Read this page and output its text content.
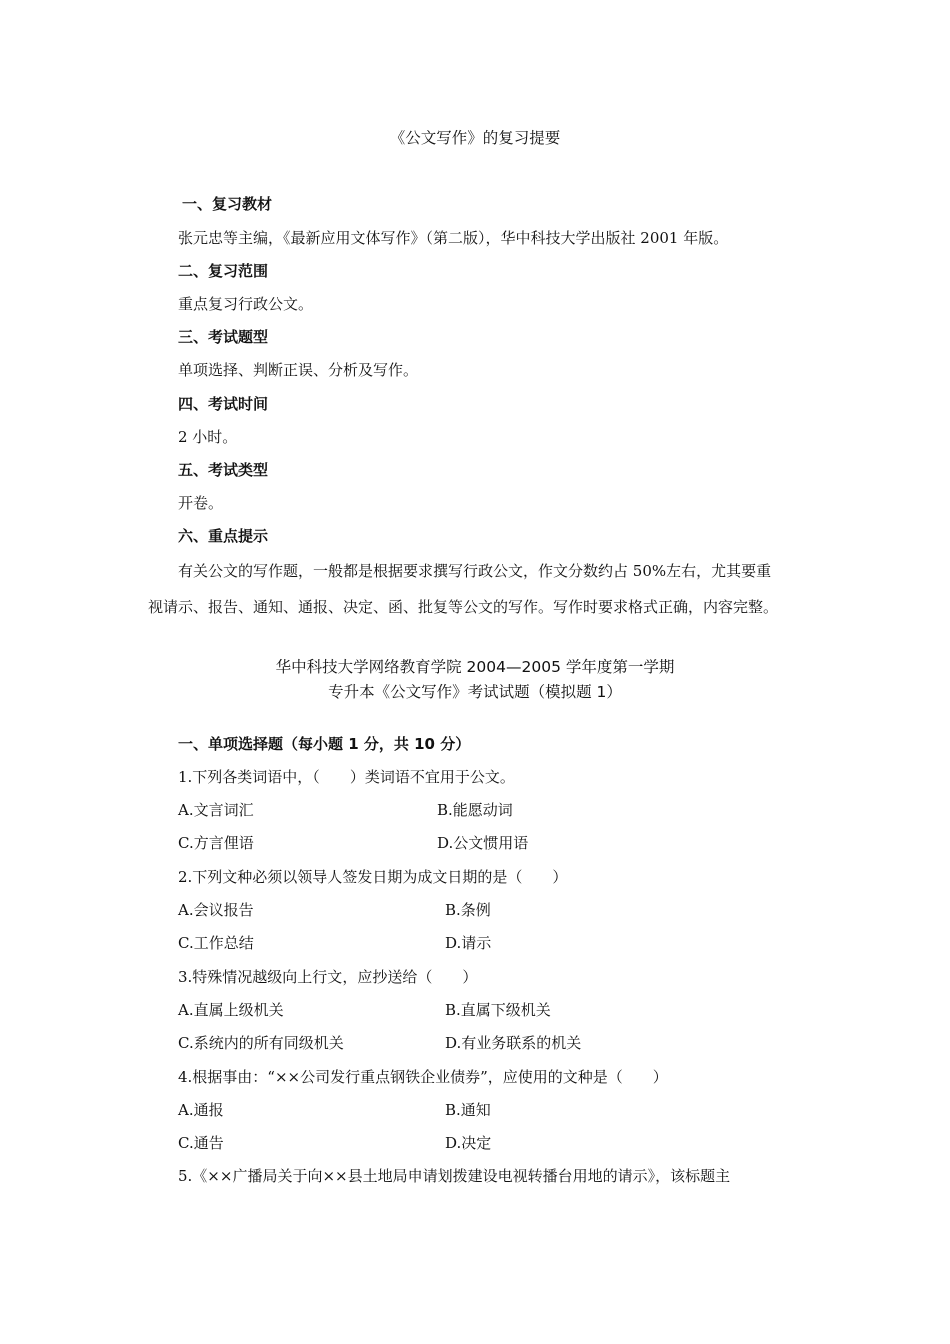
《公文写作》的复习提要
一、复习教材
张元忠等主编，《最新应用文体写作》（第二版），华中科技大学出版社 2001 年版。
二、复习范围
重点复习行政公文。
三、考试题型
单项选择、判断正误、分析及写作。
四、考试时间
2 小时。
五、考试类型
开卷。
六、重点提示
有关公文的写作题，一般都是根据要求撰写行政公文，作文分数约占 50%左右，尤其要重
视请示、报告、通知、通报、决定、函、批复等公文的写作。写作时要求格式正确，内容完整。
华中科技大学网络教育学院 2004—2005 学年度第一学期
专升本《公文写作》考试试题（模拟题 1）
一、单项选择题（每小题 1 分，共 10 分）
1.下列各类词语中，（　　）类词语不宜用于公文。
A.文言词汇	B.能愿动词
C.方言俚语	D.公文惯用语
2.下列文种必须以领导人签发日期为成文日期的是（　　）
A.会议报告	B.条例
C.工作总结	D.请示
3.特殊情况越级向上行文，应抄送给（　　）
A.直属上级机关	B.直属下级机关
C.系统内的所有同级机关	D.有业务联系的机关
4.根据事由：“××公司发行重点钢铁企业债券”，应使用的文种是（　　）
A.通报	B.通知
C.通告	D.决定
5.《××广播局关于向××县土地局申请划拨建设电视转播台用地的请示》，该标题主
